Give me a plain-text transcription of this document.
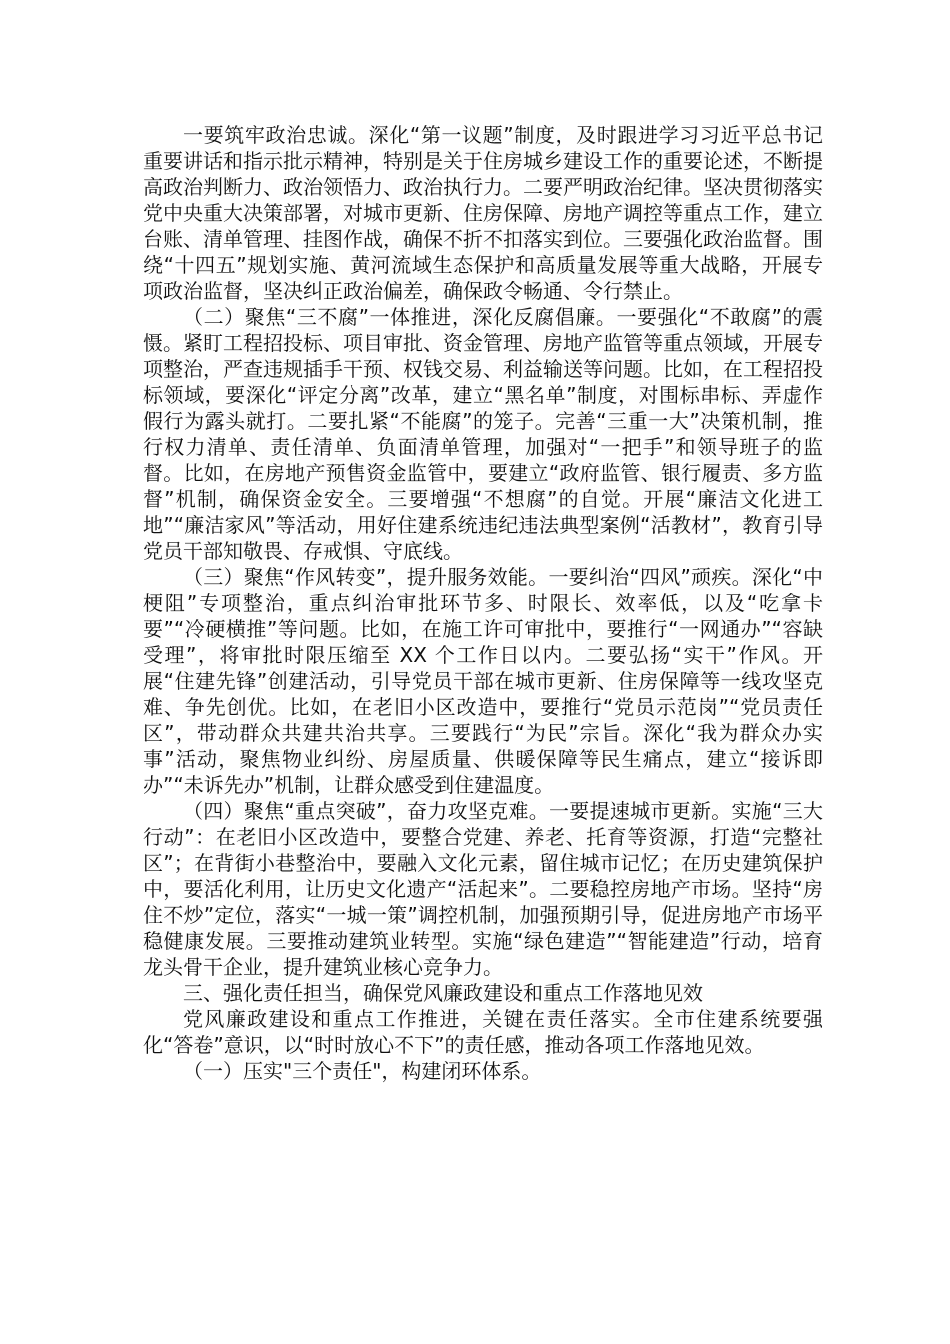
一要筑牢政治忠诚。深化“第一议题”制度，及时跟进学习习近平总书记重要讲话和指示批示精神，特别是关于住房城乡建设工作的重要论述，不断提高政治判断力、政治领悟力、政治执行力。二要严明政治纪律。坚决贯彻落实党中央重大决策部署，对城市更新、住房保障、房地产调控等重点工作，建立台账、清单管理、挂图作战，确保不折不扣落实到位。三要强化政治监督。围绕“十四五”规划实施、黄河流域生态保护和高质量发展等重大战略，开展专项政治监督，坚决纠正政治偏差，确保政令畅通、令行禁止。

（二）聚焦“三不腐”一体推进，深化反腐倡廉。一要强化“不敢腐”的震慑。紧盯工程招投标、项目审批、资金管理、房地产监管等重点领域，开展专项整治，严查违规插手干预、权钱交易、利益输送等问题。比如，在工程招投标领域，要深化“评定分离”改革，建立“黑名单”制度，对围标串标、弄虚作假行为露头就打。二要扎紧“不能腐”的笼子。完善“三重一大”决策机制，推行权力清单、责任清单、负面清单管理，加强对“一把手”和领导班子的监督。比如，在房地产预售资金监管中，要建立“政府监管、银行履责、多方监督”机制，确保资金安全。三要增强“不想腐”的自觉。开展“廉洁文化进工地”“廉洁家风”等活动，用好住建系统违纪违法典型案例“活教材”，教育引导党员干部知敬畏、存戒惧、守底线。

（三）聚焦“作风转变”，提升服务效能。一要纠治“四风”顽疾。深化“中梗阻”专项整治，重点纠治审批环节多、时限长、效率低，以及“吃拿卡要”“冷硬横推”等问题。比如，在施工许可审批中，要推行“一网通办”“容缺受理”，将审批时限压缩至 XX 个工作日以内。二要弘扬“实干”作风。开展“住建先锋”创建活动，引导党员干部在城市更新、住房保障等一线攻坚克难、争先创优。比如，在老旧小区改造中，要推行“党员示范岗”“党员责任区”，带动群众共建共治共享。三要践行“为民”宗旨。深化“我为群众办实事”活动，聚焦物业纠纷、房屋质量、供暖保障等民生痛点，建立“接诉即办”“未诉先办”机制，让群众感受到住建温度。

（四）聚焦“重点突破”，奋力攻坚克难。一要提速城市更新。实施“三大行动”：在老旧小区改造中，要整合党建、养老、托育等资源，打造“完整社区”；在背街小巷整治中，要融入文化元素，留住城市记忆；在历史建筑保护中，要活化利用，让历史文化遗产“活起来”。二要稳控房地产市场。坚持“房住不炒”定位，落实“一城一策”调控机制，加强预期引导，促进房地产市场平稳健康发展。三要推动建筑业转型。实施“绿色建造”“智能建造”行动，培育龙头骨干企业，提升建筑业核心竞争力。

三、强化责任担当，确保党风廉政建设和重点工作落地见效

党风廉政建设和重点工作推进，关键在责任落实。全市住建系统要强化“答卷”意识，以“时时放心不下”的责任感，推动各项工作落地见效。

（一）压实"三个责任"，构建闭环体系。
